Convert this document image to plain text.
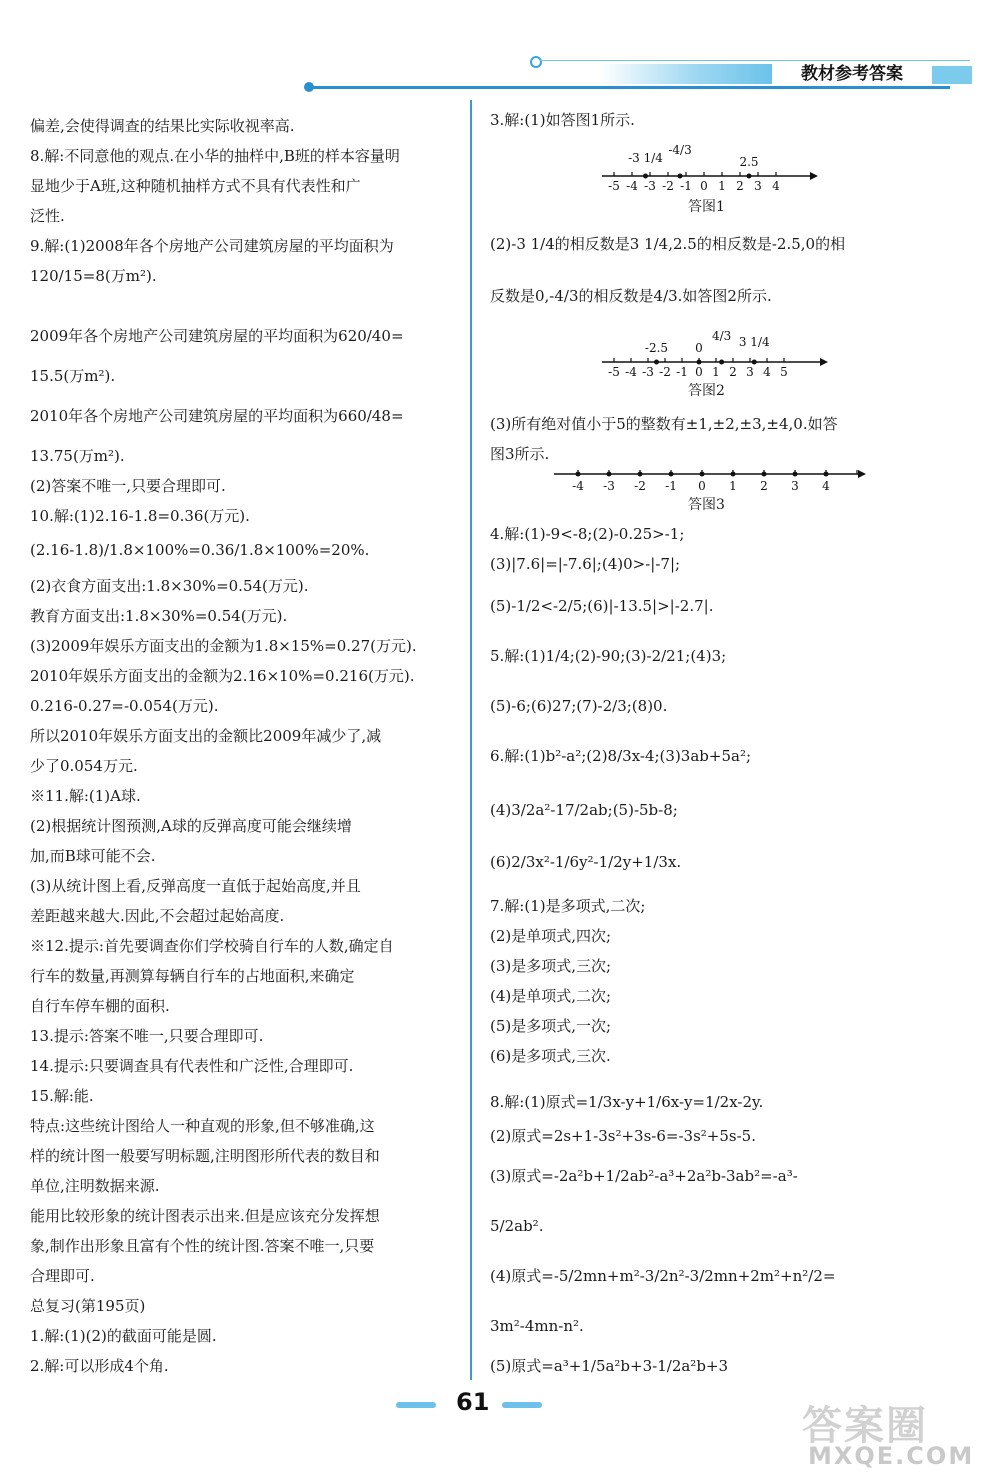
教材参考答案
偏差,会使得调查的结果比实际收视率高.
8.解:不同意他的观点.在小华的抽样中,B班的样本容量明
显地少于A班,这种随机抽样方式不具有代表性和广
泛性.
9.解:(1)2008年各个房地产公司建筑房屋的平均面积为
120/15=8(万m²).
2009年各个房地产公司建筑房屋的平均面积为620/40=
15.5(万m²).
2010年各个房地产公司建筑房屋的平均面积为660/48=
13.75(万m²).
(2)答案不唯一,只要合理即可.
10.解:(1)2.16-1.8=0.36(万元).
(2.16-1.8)/1.8×100%=0.36/1.8×100%=20%.
(2)衣食方面支出:1.8×30%=0.54(万元).
教育方面支出:1.8×30%=0.54(万元).
(3)2009年娱乐方面支出的金额为1.8×15%=0.27(万元).
2010年娱乐方面支出的金额为2.16×10%=0.216(万元).
0.216-0.27=-0.054(万元).
所以2010年娱乐方面支出的金额比2009年减少了,减
少了0.054万元.
※11.解:(1)A球.
(2)根据统计图预测,A球的反弹高度可能会继续增
加,而B球可能不会.
(3)从统计图上看,反弹高度一直低于起始高度,并且
差距越来越大.因此,不会超过起始高度.
※12.提示:首先要调查你们学校骑自行车的人数,确定自
行车的数量,再测算每辆自行车的占地面积,来确定
自行车停车棚的面积.
13.提示:答案不唯一,只要合理即可.
14.提示:只要调查具有代表性和广泛性,合理即可.
15.解:能.
特点:这些统计图给人一种直观的形象,但不够准确,这
样的统计图一般要写明标题,注明图形所代表的数目和
单位,注明数据来源.
能用比较形象的统计图表示出来.但是应该充分发挥想
象,制作出形象且富有个性的统计图.答案不唯一,只要
合理即可.
总复习(第195页)
1.解:(1)(2)的截面可能是圆.
2.解:可以形成4个角.
3.解:(1)如答图1所示.
(2)-3 1/4的相反数是3 1/4,2.5的相反数是-2.5,0的相
反数是0,-4/3的相反数是4/3.如答图2所示.
(3)所有绝对值小于5的整数有±1,±2,±3,±4,0.如答
图3所示.
4.解:(1)-9<-8;(2)-0.25>-1;
(3)|7.6|=|-7.6|;(4)0>-|-7|;
(5)-1/2<-2/5;(6)|-13.5|>|-2.7|.
5.解:(1)1/4;(2)-90;(3)-2/21;(4)3;
(5)-6;(6)27;(7)-2/3;(8)0.
6.解:(1)b²-a²;(2)8/3x-4;(3)3ab+5a²;
(4)3/2a²-17/2ab;(5)-5b-8;
(6)2/3x²-1/6y²-1/2y+1/3x.
7.解:(1)是多项式,二次;
(2)是单项式,四次;
(3)是多项式,三次;
(4)是单项式,二次;
(5)是多项式,一次;
(6)是多项式,三次.
8.解:(1)原式=1/3x-y+1/6x-y=1/2x-2y.
(2)原式=2s+1-3s²+3s-6=-3s²+5s-5.
(3)原式=-2a²b+1/2ab²-a³+2a²b-3ab²=-a³-
5/2ab².
(4)原式=-5/2mn+m²-3/2n²-3/2mn+2m²+n²/2=
3m²-4mn-n².
(5)原式=a³+1/5a²b+3-1/2a²b+3
-5 -4 -3 -2 -1 0 1 2 3 4
-3 1/4
-4/3
2.5
答图1
-5 -4 -3 -2 -1 0 1 2 3 4 5
-2.5 0
4/3 3 1/4
答图2
-4 -3 -2 -1 0 1 2 3 4
答图3
61
答案圈
MXQE.COM
